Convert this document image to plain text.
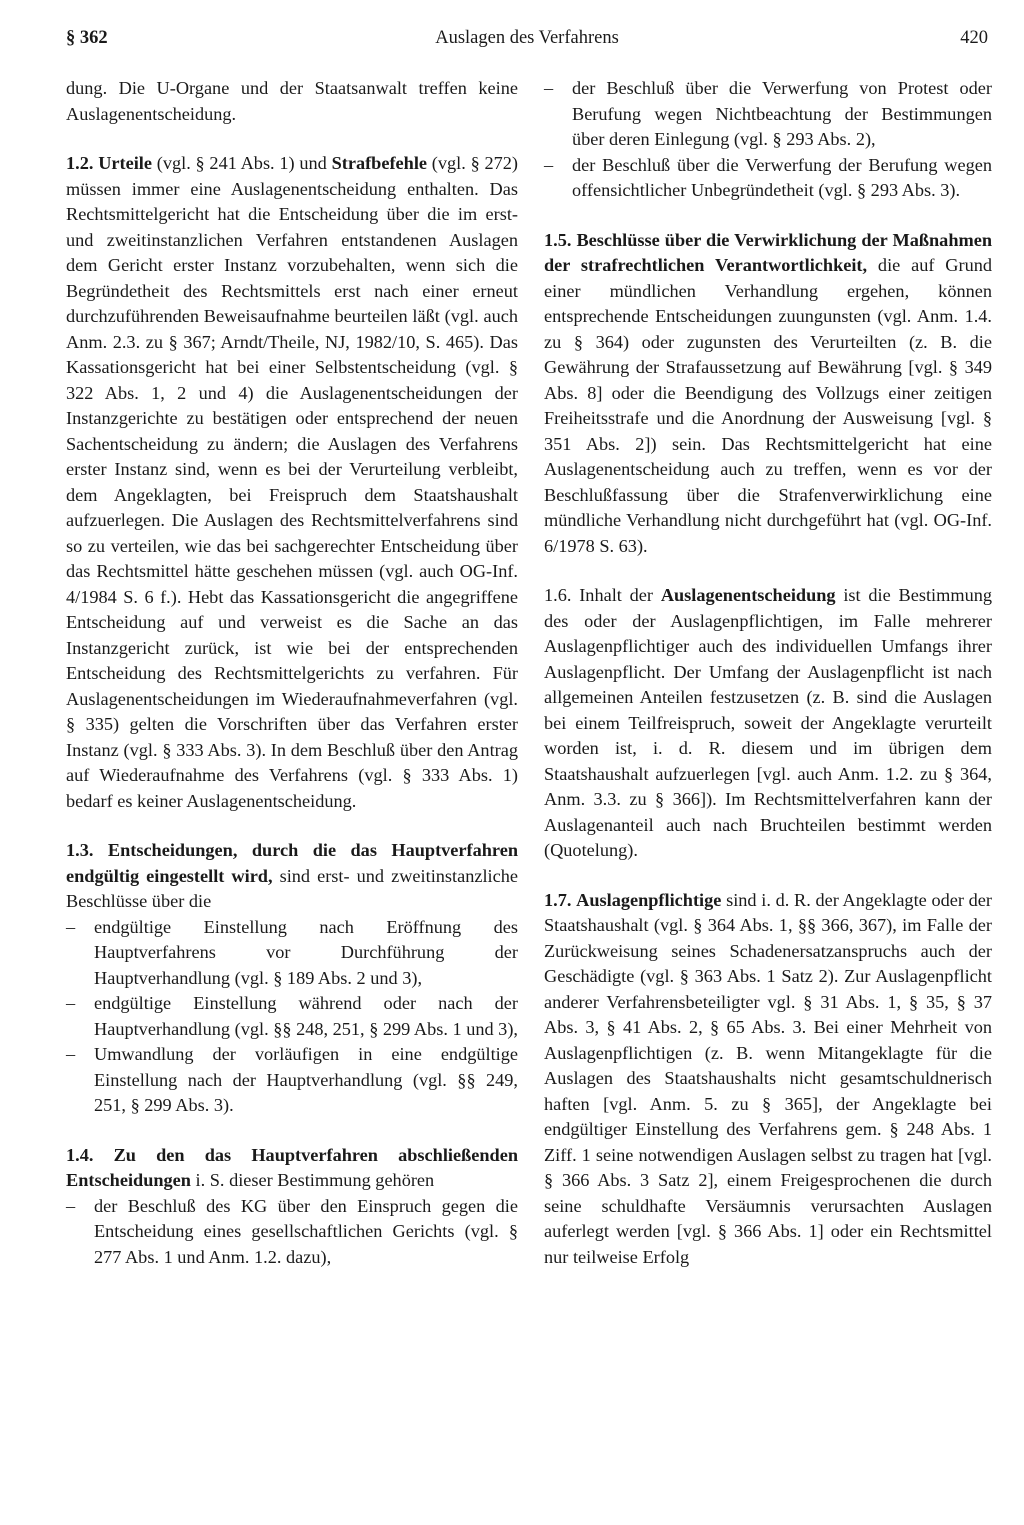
§ 362	Auslagen des Verfahrens	420

dung. Die U-Organe und der Staatsanwalt treffen keine Auslagenentscheidung.

1.2. Urteile (vgl. § 241 Abs. 1) und Strafbefehle (vgl. § 272) müssen immer eine Auslagenentscheidung enthalten. Das Rechtsmittelgericht hat die Entscheidung über die im erst- und zweitinstanzlichen Verfahren entstandenen Auslagen dem Gericht erster Instanz vorzubehalten, wenn sich die Begründetheit des Rechtsmittels erst nach einer erneut durchzuführenden Beweisaufnahme beurteilen läßt (vgl. auch Anm. 2.3. zu § 367; Arndt/Theile, NJ, 1982/10, S. 465). Das Kassationsgericht hat bei einer Selbstentscheidung (vgl. § 322 Abs. 1, 2 und 4) die Auslagenentscheidungen der Instanzgerichte zu bestätigen oder entsprechend der neuen Sachentscheidung zu ändern; die Auslagen des Verfahrens erster Instanz sind, wenn es bei der Verurteilung verbleibt, dem Angeklagten, bei Freispruch dem Staatshaushalt aufzuerlegen. Die Auslagen des Rechtsmittelverfahrens sind so zu verteilen, wie das bei sachgerechter Entscheidung über das Rechtsmittel hätte geschehen müssen (vgl. auch OG-Inf. 4/1984 S. 6 f.). Hebt das Kassationsgericht die angegriffene Entscheidung auf und verweist es die Sache an das Instanzgericht zurück, ist wie bei der entsprechenden Entscheidung des Rechtsmittelgerichts zu verfahren. Für Auslagenentscheidungen im Wiederaufnahmeverfahren (vgl. § 335) gelten die Vorschriften über das Verfahren erster Instanz (vgl. § 333 Abs. 3). In dem Beschluß über den Antrag auf Wiederaufnahme des Verfahrens (vgl. § 333 Abs. 1) bedarf es keiner Auslagenentscheidung.

1.3. Entscheidungen, durch die das Hauptverfahren endgültig eingestellt wird, sind erst- und zweitinstanzliche Beschlüsse über die

– endgültige Einstellung nach Eröffnung des Hauptverfahrens vor Durchführung der Hauptverhandlung (vgl. § 189 Abs. 2 und 3),
– endgültige Einstellung während oder nach der Hauptverhandlung (vgl. §§ 248, 251, § 299 Abs. 1 und 3),
– Umwandlung der vorläufigen in eine endgültige Einstellung nach der Hauptverhandlung (vgl. §§ 249, 251, § 299 Abs. 3).

1.4. Zu den das Hauptverfahren abschließenden Entscheidungen i. S. dieser Bestimmung gehören

– der Beschluß des KG über den Einspruch gegen die Entscheidung eines gesellschaftlichen Gerichts (vgl. § 277 Abs. 1 und Anm. 1.2. dazu),
– der Beschluß über die Verwerfung von Protest oder Berufung wegen Nichtbeachtung der Bestimmungen über deren Einlegung (vgl. § 293 Abs. 2),
– der Beschluß über die Verwerfung der Berufung wegen offensichtlicher Unbegründetheit (vgl. § 293 Abs. 3).

1.5. Beschlüsse über die Verwirklichung der Maßnahmen der strafrechtlichen Verantwortlichkeit, die auf Grund einer mündlichen Verhandlung ergehen, können entsprechende Entscheidungen zuungunsten (vgl. Anm. 1.4. zu § 364) oder zugunsten des Verurteilten (z. B. die Gewährung der Strafaussetzung auf Bewährung [vgl. § 349 Abs. 8] oder die Beendigung des Vollzugs einer zeitigen Freiheitsstrafe und die Anordnung der Ausweisung [vgl. § 351 Abs. 2]) sein. Das Rechtsmittelgericht hat eine Auslagenentscheidung auch zu treffen, wenn es vor der Beschlußfassung über die Strafenverwirklichung eine mündliche Verhandlung nicht durchgeführt hat (vgl. OG-Inf. 6/1978 S. 63).

1.6. Inhalt der Auslagenentscheidung ist die Bestimmung des oder der Auslagenpflichtigen, im Falle mehrerer Auslagenpflichtiger auch des individuellen Umfangs ihrer Auslagenpflicht. Der Umfang der Auslagenpflicht ist nach allgemeinen Anteilen festzusetzen (z. B. sind die Auslagen bei einem Teilfreispruch, soweit der Angeklagte verurteilt worden ist, i. d. R. diesem und im übrigen dem Staatshaushalt aufzuerlegen [vgl. auch Anm. 1.2. zu § 364, Anm. 3.3. zu § 366]). Im Rechtsmittelverfahren kann der Auslagenanteil auch nach Bruchteilen bestimmt werden (Quotelung).

1.7. Auslagenpflichtige sind i. d. R. der Angeklagte oder der Staatshaushalt (vgl. § 364 Abs. 1, §§ 366, 367), im Falle der Zurückweisung seines Schadenersatzanspruchs auch der Geschädigte (vgl. § 363 Abs. 1 Satz 2). Zur Auslagenpflicht anderer Verfahrensbeteiligter vgl. § 31 Abs. 1, § 35, § 37 Abs. 3, § 41 Abs. 2, § 65 Abs. 3. Bei einer Mehrheit von Auslagenpflichtigen (z. B. wenn Mitangeklagte für die Auslagen des Staatshaushalts nicht gesamtschuldnerisch haften [vgl. Anm. 5. zu § 365], der Angeklagte bei endgültiger Einstellung des Verfahrens gem. § 248 Abs. 1 Ziff. 1 seine notwendigen Auslagen selbst zu tragen hat [vgl. § 366 Abs. 3 Satz 2], einem Freigesprochenen die durch seine schuldhafte Versäumnis verursachten Auslagen auferlegt werden [vgl. § 366 Abs. 1] oder ein Rechtsmittel nur teilweise Erfolg
